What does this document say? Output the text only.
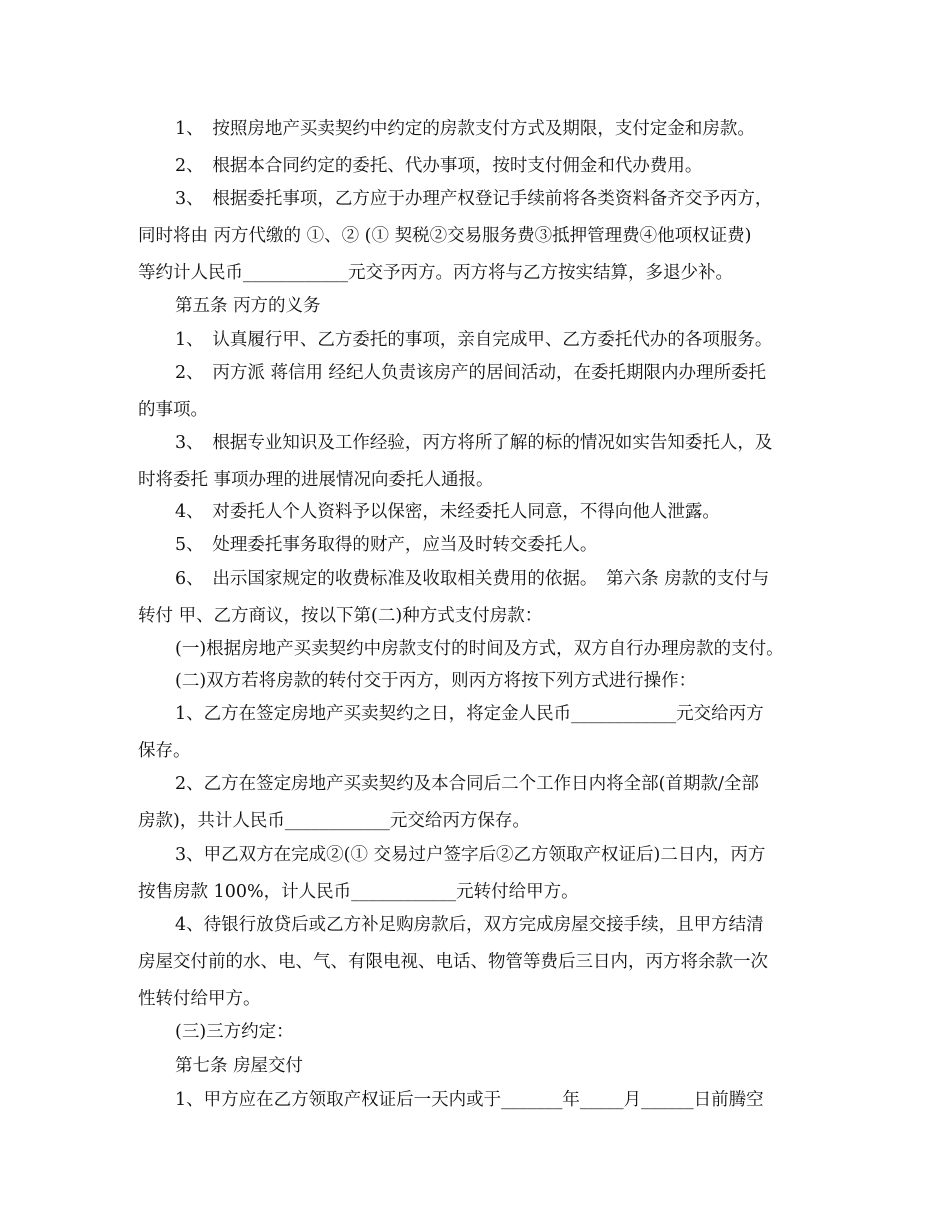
1、　按照房地产买卖契约中约定的房款支付方式及期限，支付定金和房款。
2、　根据本合同约定的委托、代办事项，按时支付佣金和代办费用。
3、　根据委托事项，乙方应于办理产权登记手续前将各类资料备齐交予丙方，
同时将由 丙方代缴的 ①、② (① 契税②交易服务费③抵押管理费④他项权证费)
等约计人民币____________元交予丙方。丙方将与乙方按实结算，多退少补。
第五条 丙方的义务
1、　认真履行甲、乙方委托的事项，亲自完成甲、乙方委托代办的各项服务。
2、　丙方派 蒋信用 经纪人负责该房产的居间活动，在委托期限内办理所委托
的事项。
3、　根据专业知识及工作经验，丙方将所了解的标的情况如实告知委托人，及
时将委托 事项办理的进展情况向委托人通报。
4、　对委托人个人资料予以保密，未经委托人同意，不得向他人泄露。
5、　处理委托事务取得的财产，应当及时转交委托人。
6、　出示国家规定的收费标准及收取相关费用的依据。　第六条 房款的支付与
转付 甲、乙方商议，按以下第(二)种方式支付房款：
(一)根据房地产买卖契约中房款支付的时间及方式，双方自行办理房款的支付。
(二)双方若将房款的转付交于丙方，则丙方将按下列方式进行操作：
1、乙方在签定房地产买卖契约之日，将定金人民币____________元交给丙方
保存。
2、乙方在签定房地产买卖契约及本合同后二个工作日内将全部(首期款/全部
房款)，共计人民币____________元交给丙方保存。
3、甲乙双方在完成②(① 交易过户签字后②乙方领取产权证后)二日内，丙方
按售房款 100%，计人民币____________元转付给甲方。
4、待银行放贷后或乙方补足购房款后，双方完成房屋交接手续，且甲方结清
房屋交付前的水、电、气、有限电视、电话、物管等费后三日内，丙方将余款一次
性转付给甲方。
(三)三方约定：
第七条 房屋交付
1、甲方应在乙方领取产权证后一天内或于_______年_____月______日前腾空
